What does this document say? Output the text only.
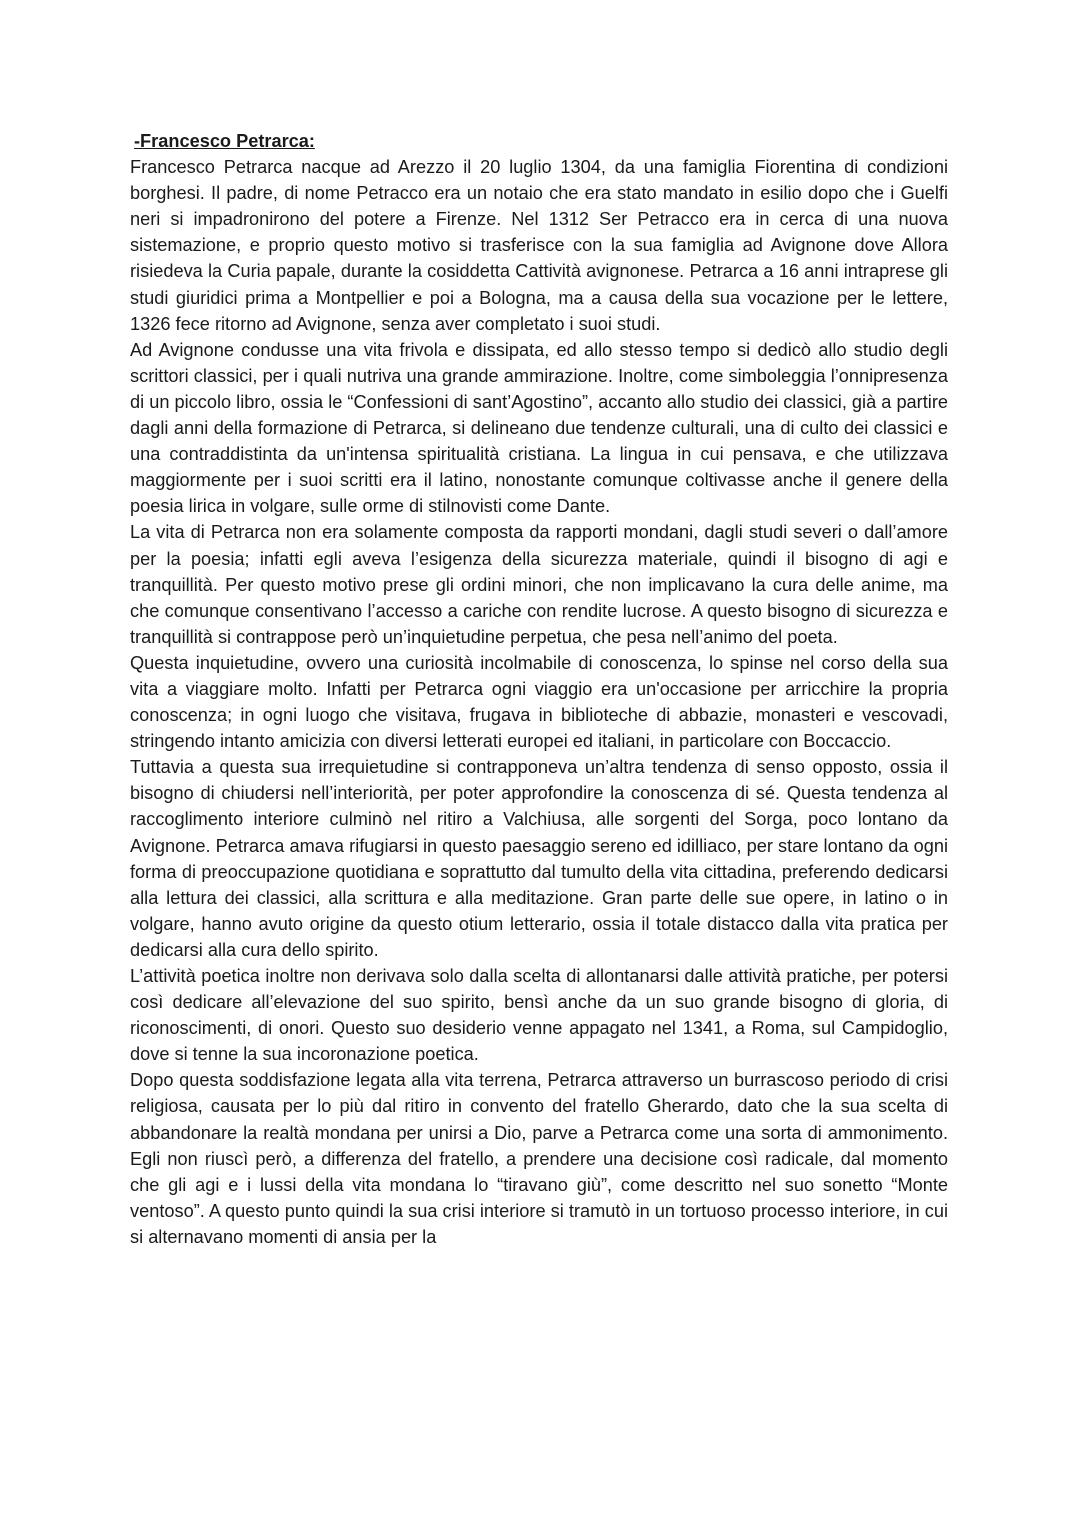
-Francesco Petrarca:

Francesco Petrarca nacque ad Arezzo il 20 luglio 1304, da una famiglia Fiorentina di condizioni borghesi. Il padre, di nome Petracco era un notaio che era stato mandato in esilio dopo che i Guelfi neri si impadronirono del potere a Firenze. Nel 1312 Ser Petracco era in cerca di una nuova sistemazione, e proprio questo motivo si trasferisce con la sua famiglia ad Avignone dove Allora risiedeva la Curia papale, durante la cosiddetta Cattività avignonese. Petrarca a 16 anni intraprese gli studi giuridici prima a Montpellier e poi a Bologna, ma a causa della sua vocazione per le lettere, 1326 fece ritorno ad Avignone, senza aver completato i suoi studi.

Ad Avignone condusse una vita frivola e dissipata, ed allo stesso tempo si dedicò allo studio degli scrittori classici, per i quali nutriva una grande ammirazione. Inoltre, come simboleggia l’onnipresenza di un piccolo libro, ossia le “Confessioni di sant’Agostino”, accanto allo studio dei classici, già a partire dagli anni della formazione di Petrarca, si delineano due tendenze culturali, una di culto dei classici e una contraddistinta da un'intensa spiritualità cristiana. La lingua in cui pensava, e che utilizzava maggiormente per i suoi scritti era il latino, nonostante comunque coltivasse anche il genere della poesia lirica in volgare, sulle orme di stilnovisti come Dante.

La vita di Petrarca non era solamente composta da rapporti mondani, dagli studi severi o dall’amore per la poesia; infatti egli aveva l’esigenza della sicurezza materiale, quindi il bisogno di agi e tranquillità. Per questo motivo prese gli ordini minori, che non implicavano la cura delle anime, ma che comunque consentivano l’accesso a cariche con rendite lucrose. A questo bisogno di sicurezza e tranquillità si contrappose però un’inquietudine perpetua, che pesa nell’animo del poeta.

Questa inquietudine, ovvero una curiosità incolmabile di conoscenza, lo spinse nel corso della sua vita a viaggiare molto. Infatti per Petrarca ogni viaggio era un'occasione per arricchire la propria conoscenza; in ogni luogo che visitava, frugava in biblioteche di abbazie, monasteri e vescovadi, stringendo intanto amicizia con diversi letterati europei ed italiani, in particolare con Boccaccio.

Tuttavia a questa sua irrequietudine si contrapponeva un’altra tendenza di senso opposto, ossia il bisogno di chiudersi nell’interiorità, per poter approfondire la conoscenza di sé. Questa tendenza al raccoglimento interiore culminò nel ritiro a Valchiusa, alle sorgenti del Sorga, poco lontano da Avignone. Petrarca amava rifugiarsi in questo paesaggio sereno ed idilliaco, per stare lontano da ogni forma di preoccupazione quotidiana e soprattutto dal tumulto della vita cittadina, preferendo dedicarsi alla lettura dei classici, alla scrittura e alla meditazione. Gran parte delle sue opere, in latino o in volgare, hanno avuto origine da questo otium letterario, ossia il totale distacco dalla vita pratica per dedicarsi alla cura dello spirito.

L’attività poetica inoltre non derivava solo dalla scelta di allontanarsi dalle attività pratiche, per potersi così dedicare all’elevazione del suo spirito, bensì anche da un suo grande bisogno di gloria, di riconoscimenti, di onori. Questo suo desiderio venne appagato nel 1341, a Roma, sul Campidoglio, dove si tenne la sua incoronazione poetica.

Dopo questa soddisfazione legata alla vita terrena, Petrarca attraverso un burrascoso periodo di crisi religiosa, causata per lo più dal ritiro in convento del fratello Gherardo, dato che la sua scelta di abbandonare la realtà mondana per unirsi a Dio, parve a Petrarca come una sorta di ammonimento. Egli non riuscì però, a differenza del fratello, a prendere una decisione così radicale, dal momento che gli agi e i lussi della vita mondana lo “tiravano giù”, come descritto nel suo sonetto “Monte ventoso”. A questo punto quindi la sua crisi interiore si tramutò in un tortuoso processo interiore, in cui si alternavano momenti di ansia per la
